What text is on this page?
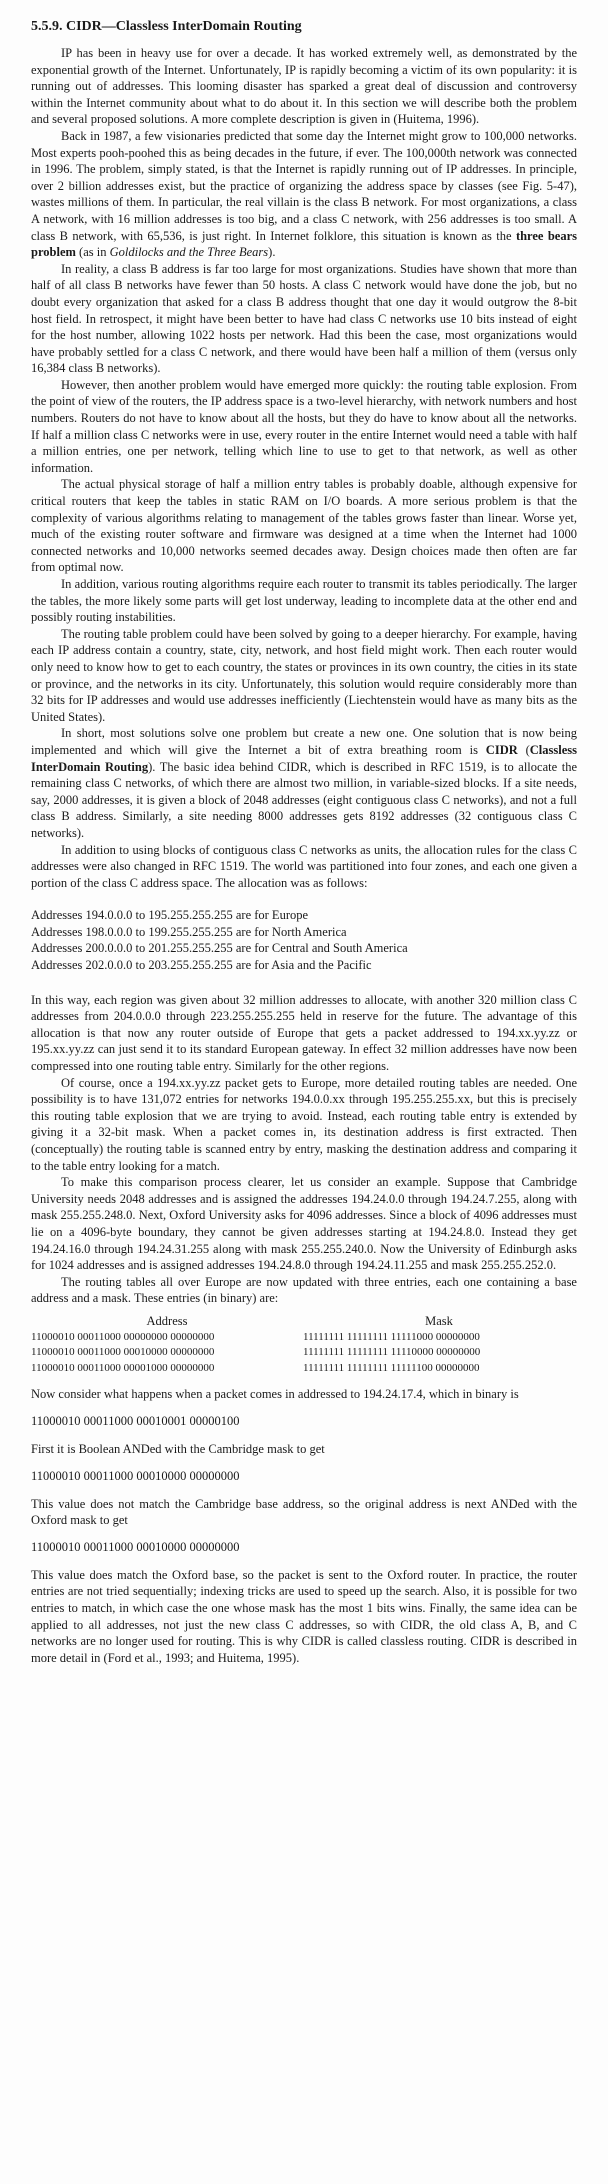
5.5.9. CIDR—Classless InterDomain Routing

IP has been in heavy use for over a decade. It has worked extremely well, as demonstrated by the exponential growth of the Internet. Unfortunately, IP is rapidly becoming a victim of its own popularity: it is running out of addresses. This looming disaster has sparked a great deal of discussion and controversy within the Internet community about what to do about it. In this section we will describe both the problem and several proposed solutions. A more complete description is given in (Huitema, 1996).

Back in 1987, a few visionaries predicted that some day the Internet might grow to 100,000 networks. Most experts pooh-poohed this as being decades in the future, if ever. The 100,000th network was connected in 1996. The problem, simply stated, is that the Internet is rapidly running out of IP addresses. In principle, over 2 billion addresses exist, but the practice of organizing the address space by classes (see Fig. 5-47), wastes millions of them. In particular, the real villain is the class B network. For most organizations, a class A network, with 16 million addresses is too big, and a class C network, with 256 addresses is too small. A class B network, with 65,536, is just right. In Internet folklore, this situation is known as the three bears problem (as in Goldilocks and the Three Bears).

In reality, a class B address is far too large for most organizations. Studies have shown that more than half of all class B networks have fewer than 50 hosts. A class C network would have done the job, but no doubt every organization that asked for a class B address thought that one day it would outgrow the 8-bit host field. In retrospect, it might have been better to have had class C networks use 10 bits instead of eight for the host number, allowing 1022 hosts per network. Had this been the case, most organizations would have probably settled for a class C network, and there would have been half a million of them (versus only 16,384 class B networks).

However, then another problem would have emerged more quickly: the routing table explosion. From the point of view of the routers, the IP address space is a two-level hierarchy, with network numbers and host numbers. Routers do not have to know about all the hosts, but they do have to know about all the networks. If half a million class C networks were in use, every router in the entire Internet would need a table with half a million entries, one per network, telling which line to use to get to that network, as well as other information.

The actual physical storage of half a million entry tables is probably doable, although expensive for critical routers that keep the tables in static RAM on I/O boards. A more serious problem is that the complexity of various algorithms relating to management of the tables grows faster than linear. Worse yet, much of the existing router software and firmware was designed at a time when the Internet had 1000 connected networks and 10,000 networks seemed decades away. Design choices made then often are far from optimal now.

In addition, various routing algorithms require each router to transmit its tables periodically. The larger the tables, the more likely some parts will get lost underway, leading to incomplete data at the other end and possibly routing instabilities.

The routing table problem could have been solved by going to a deeper hierarchy. For example, having each IP address contain a country, state, city, network, and host field might work. Then each router would only need to know how to get to each country, the states or provinces in its own country, the cities in its state or province, and the networks in its city. Unfortunately, this solution would require considerably more than 32 bits for IP addresses and would use addresses inefficiently (Liechtenstein would have as many bits as the United States).

In short, most solutions solve one problem but create a new one. One solution that is now being implemented and which will give the Internet a bit of extra breathing room is CIDR (Classless InterDomain Routing). The basic idea behind CIDR, which is described in RFC 1519, is to allocate the remaining class C networks, of which there are almost two million, in variable-sized blocks. If a site needs, say, 2000 addresses, it is given a block of 2048 addresses (eight contiguous class C networks), and not a full class B address. Similarly, a site needing 8000 addresses gets 8192 addresses (32 contiguous class C networks).

In addition to using blocks of contiguous class C networks as units, the allocation rules for the class C addresses were also changed in RFC 1519. The world was partitioned into four zones, and each one given a portion of the class C address space. The allocation was as follows:

Addresses 194.0.0.0 to 195.255.255.255 are for Europe
Addresses 198.0.0.0 to 199.255.255.255 are for North America
Addresses 200.0.0.0 to 201.255.255.255 are for Central and South America
Addresses 202.0.0.0 to 203.255.255.255 are for Asia and the Pacific

In this way, each region was given about 32 million addresses to allocate, with another 320 million class C addresses from 204.0.0.0 through 223.255.255.255 held in reserve for the future. The advantage of this allocation is that now any router outside of Europe that gets a packet addressed to 194.xx.yy.zz or 195.xx.yy.zz can just send it to its standard European gateway. In effect 32 million addresses have now been compressed into one routing table entry. Similarly for the other regions.

Of course, once a 194.xx.yy.zz packet gets to Europe, more detailed routing tables are needed. One possibility is to have 131,072 entries for networks 194.0.0.xx through 195.255.255.xx, but this is precisely this routing table explosion that we are trying to avoid. Instead, each routing table entry is extended by giving it a 32-bit mask. When a packet comes in, its destination address is first extracted. Then (conceptually) the routing table is scanned entry by entry, masking the destination address and comparing it to the table entry looking for a match.

To make this comparison process clearer, let us consider an example. Suppose that Cambridge University needs 2048 addresses and is assigned the addresses 194.24.0.0 through 194.24.7.255, along with mask 255.255.248.0. Next, Oxford University asks for 4096 addresses. Since a block of 4096 addresses must lie on a 4096-byte boundary, they cannot be given addresses starting at 194.24.8.0. Instead they get 194.24.16.0 through 194.24.31.255 along with mask 255.255.240.0. Now the University of Edinburgh asks for 1024 addresses and is assigned addresses 194.24.8.0 through 194.24.11.255 and mask 255.255.252.0.

The routing tables all over Europe are now updated with three entries, each one containing a base address and a mask. These entries (in binary) are:

Address	Mask
11000010 00011000 00000000 00000000	11111111 11111111 11111000 00000000
11000010 00011000 00010000 00000000	11111111 11111111 11110000 00000000
11000010 00011000 00001000 00000000	11111111 11111111 11111100 00000000

Now consider what happens when a packet comes in addressed to 194.24.17.4, which in binary is

11000010 00011000 00010001 00000100

First it is Boolean ANDed with the Cambridge mask to get

11000010 00011000 00010000 00000000

This value does not match the Cambridge base address, so the original address is next ANDed with the Oxford mask to get

11000010 00011000 00010000 00000000

This value does match the Oxford base, so the packet is sent to the Oxford router. In practice, the router entries are not tried sequentially; indexing tricks are used to speed up the search. Also, it is possible for two entries to match, in which case the one whose mask has the most 1 bits wins. Finally, the same idea can be applied to all addresses, not just the new class C addresses, so with CIDR, the old class A, B, and C networks are no longer used for routing. This is why CIDR is called classless routing. CIDR is described in more detail in (Ford et al., 1993; and Huitema, 1995).
